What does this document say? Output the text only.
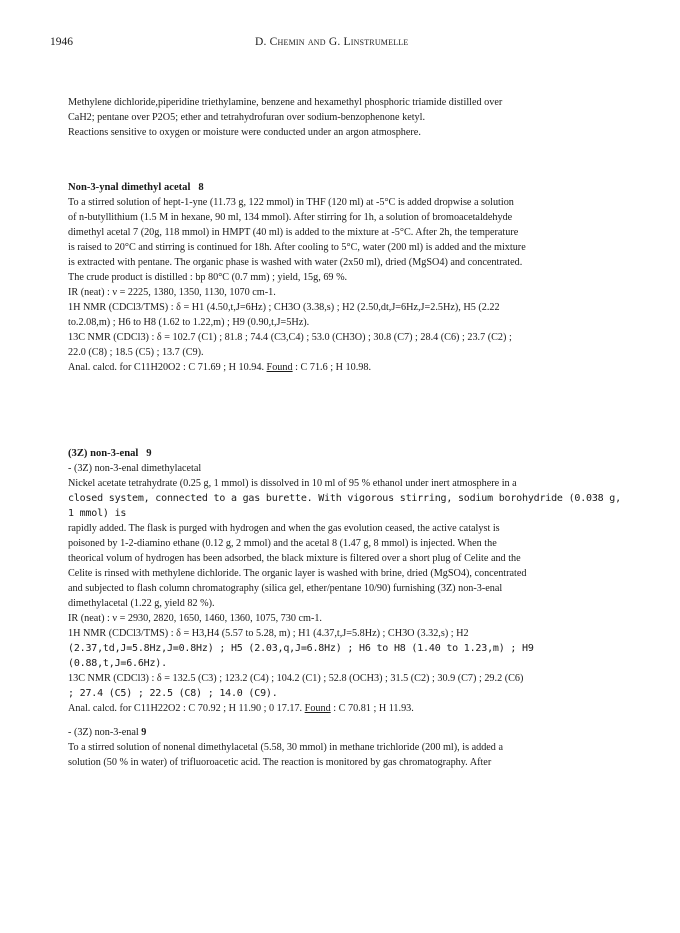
1946	D. Chemin and G. Linstrumelle

Methylene dichloride,piperidine triethylamine, benzene and hexamethyl phosphoric triamide distilled over

CaH2; pentane over P2O5; ether and tetrahydrofuran over sodium-benzophenone ketyl.

Reactions sensitive to oxygen or moisture were conducted under an argon atmosphere.

Non-3-ynal dimethyl acetal 8

To a stirred solution of hept-1-yne (11.73 g, 122 mmol) in THF (120 ml) at -5°C is added dropwise a solution

of n-butyllithium (1.5 M in hexane, 90 ml, 134 mmol). After stirring for 1h, a solution of bromoacetaldehyde

dimethyl acetal 7 (20g, 118 mmol) in HMPT (40 ml) is added to the mixture at -5°C. After 2h, the temperature

is raised to 20°C and stirring is continued for 18h. After cooling to 5°C, water (200 ml) is added and the mixture

is extracted with pentane. The organic phase is washed with water (2x50 ml), dried (MgSO4) and concentrated.

The crude product is distilled : bp 80°C (0.7 mm) ; yield, 15g, 69 %.

IR (neat) : ν = 2225, 1380, 1350, 1130, 1070 cm-1.

1H NMR (CDCl3/TMS) : δ = H1 (4.50,t,J=6Hz) ; CH3O (3.38,s) ; H2 (2.50,dt,J=6Hz,J=2.5Hz), H5 (2.22

to.2.08,m) ; H6 to H8 (1.62 to 1.22,m) ; H9 (0.90,t,J=5Hz).

13C NMR (CDCl3) : δ = 102.7 (C1) ; 81.8 ; 74.4 (C3,C4) ; 53.0 (CH3O) ; 30.8 (C7) ; 28.4 (C6) ; 23.7 (C2) ;

22.0 (C8) ; 18.5 (C5) ; 13.7 (C9).

Anal. calcd. for C11H20O2 : C 71.69 ; H 10.94. Found : C 71.6 ; H 10.98.

(3Z) non-3-enal 9

- (3Z) non-3-enal dimethylacetal

Nickel acetate tetrahydrate (0.25 g, 1 mmol) is dissolved in 10 ml of 95 % ethanol under inert atmosphere in a

closed system, connected to a gas burette. With vigorous stirring, sodium borohydride (0.038 g, 1 mmol) is

rapidly added. The flask is purged with hydrogen and when the gas evolution ceased, the active catalyst is

poisoned by 1-2-diamino ethane (0.12 g, 2 mmol) and the acetal 8 (1.47 g, 8 mmol) is injected. When the

theorical volum of hydrogen has been adsorbed, the black mixture is filtered over a short plug of Celite and the

Celite is rinsed with methylene dichloride. The organic layer is washed with brine, dried (MgSO4), concentrated

and subjected to flash column chromatography (silica gel, ether/pentane 10/90) furnishing (3Z) non-3-enal

dimethylacetal (1.22 g, yield 82 %).

IR (neat) : ν = 2930, 2820, 1650, 1460, 1360, 1075, 730 cm-1.

1H NMR (CDCl3/TMS) : δ = H3,H4 (5.57 to 5.28, m) ; H1 (4.37,t,J=5.8Hz) ; CH3O (3.32,s) ; H2

(2.37,td,J=5.8Hz,J=0.8Hz) ; H5 (2.03,q,J=6.8Hz) ; H6 to H8 (1.40 to 1.23,m) ; H9 (0.88,t,J=6.6Hz).

13C NMR (CDCl3) : δ = 132.5 (C3) ; 123.2 (C4) ; 104.2 (C1) ; 52.8 (OCH3) ; 31.5 (C2) ; 30.9 (C7) ; 29.2 (C6)

; 27.4 (C5) ; 22.5 (C8) ; 14.0 (C9).

Anal. calcd. for C11H22O2 : C 70.92 ; H 11.90 ; 0 17.17. Found : C 70.81 ; H 11.93.

- (3Z) non-3-enal 9

To a stirred solution of nonenal dimethylacetal (5.58, 30 mmol) in methane trichloride (200 ml), is added a

solution (50 % in water) of trifluoroacetic acid. The reaction is monitored by gas chromatography. After
